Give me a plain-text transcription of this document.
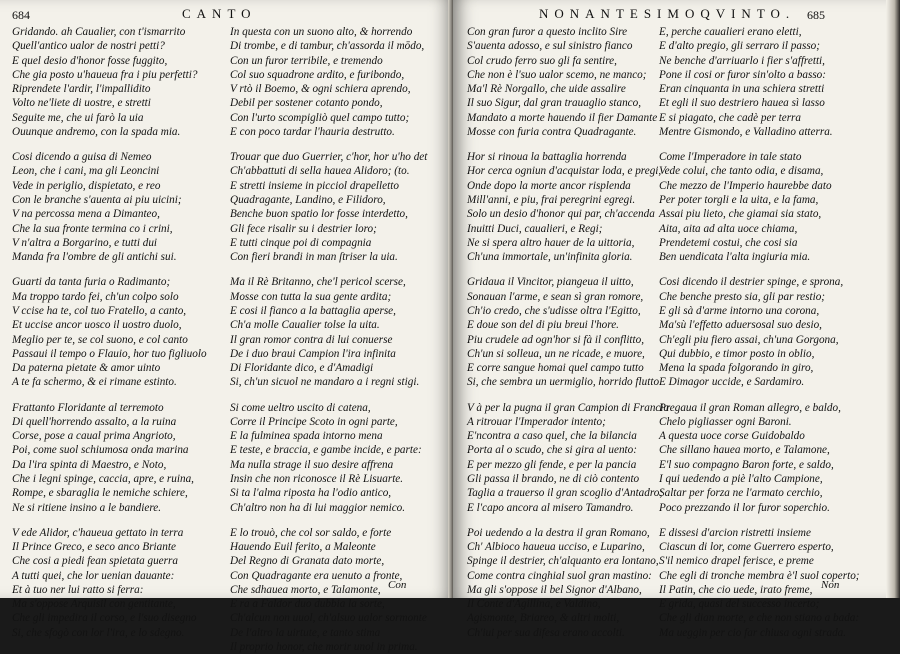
684	CANTO
Gridando. ah Caualier, con t'ismarrito
Quell'antico ualor de nostri petti?
E quel desio d'honor fosse fuggito,
Che gia posto u'haueua fra i piu perfetti?
Riprendete l'ardir, l'impallidito
Volto ne'liete di uostre, e stretti
Seguite me, che ui farò la uia
Ouunque andremo, con la spada mia.
Cosi dicendo a guisa di Nemeo
Leon, che i cani, ma gli Leoncini
Vede in periglio, dispietato, e reo
Con le branche s'auenta ai piu uicini;
V na percossa mena a Dimanteo,
Che la sua fronte termina co i crini,
V n'altra a Borgarino, e tutti dui
Manda fra l'ombre de gli antichi sui.
Guarti da tanta furia o Radimanto;
Ma troppo tardo fei, ch'un colpo solo
V ccise ha te, col tuo Fratello, a canto,
Et uccise ancor uosco il uostro duolo,
Meglio per te, se col suono, e col canto
Passaui il tempo o Flauio, hor tuo figliuolo
Da paterna pietate & amor uinto
A te fa schermo, & ei rimane estinto.
Frattanto Floridante al terremoto
Di quell'horrendo assalto, a la ruina
Corse, pose a caual prima Angrioto,
Poi, come suol schiumosa onda marina
Da l'ira spinta di Maestro, e Noto,
Che i legni spinge, caccia, apre, e ruina,
Rompe, e sbaraglia le nemiche schiere,
Ne si ritiene insino a le bandiere.
V ede Alidor, c'haueua gettato in terra
Il Prince Greco, e seco anco Briante
Che cosi a piedi fean spietata guerra
A tutti quei, che lor uenian dauante:
Et à tuo ner lui ratto si ferra:
Ma s'oppose Arquisil con gentitante,
Che gli impedira il corso, e l'suo disegno
Si, che sfogò con lor l'ira, e lo sdegno.
In questa con un suono alto, & horrendo
Di trombe, e di tambur, ch'assorda il mōdo,
Con un furor terribile, e tremendo
Col suo squadrone ardito, e furibondo,
V rtò il Boemo, & ogni schiera aprendo,
Debil per sostener cotanto pondo,
Con l'urto scompigliò quel campo tutto;
E con poco tardar l'hauria destrutto.
Trouar que duo Guerrier, c'hor, hor u'ho det
Ch'abbattuti di sella hauea Alidoro; (to.
E stretti insieme in picciol drapelletto
Quadragante, Landino, e Filidoro,
Benche buon spatio lor fosse interdetto,
Gli fece risalir su i destrier loro;
E tutti cinque poi di compagnia
Con fieri brandi in man ſtriser la uia.
Ma il Rè Britanno, che'l pericol scerse,
Mosse con tutta la sua gente ardita;
E cosi il fianco a la battaglia aperse,
Ch'a molle Caualier tolse la uita.
Il gran romor contra di lui conuerse
De i duo braui Campion l'ira infinita
Di Floridante dico, e d'Amadigi
Si, ch'un sicuol ne mandaro a i regni stigi.
Si come ueltro uscito di catena,
Corre il Principe Scoto in ogni parte,
E la fulminea spada intorno mena
E teste, e braccia, e gambe incide, e parte:
Ma nulla strage il suo desire affrena
Insin che non riconosce il Rè Lisuarte.
Si ta l'alma riposta ha l'odio antico,
Ch'altro non ha di lui maggior nemico.
E lo trouò, che col sor saldo, e forte
Hauendo Euil ferito, a Maleonte
Del Regno di Granata dato morte,
Con Quadragante era uenuto a fronte,
Che sdhauea morto, e Talamonte,
E ra a Faldor duo dubbia la sorte,
Ch'alcun non uuol, ch'alsuo ualor sormonte
De l'altro la uirtute, e tanto stima
Il proprio honor, che morir unol in prima.
Con
NONANTESIMOQVINTO. 685
Con gran furor a questo inclito Sire
S'auenta adosso, e sul sinistro fianco
Col crudo ferro suo gli fa sentire,
Che non è l'suo ualor scemo, ne manco;
Ma'l Rè Norgallo, che uide assalire
Il suo Sigur, dal gran trauaglio stanco,
Mandato a morte hauendo il fier Damante
Mosse con furia contra Quadragante.
Hor si rinoua la battaglia horrenda
Hor cerca ogniun d'acquistar loda, e pregi,
Onde dopo la morte ancor risplenda
Mill'anni, e piu, frai peregrini egregi.
Solo un desio d'honor qui par, ch'accenda
Inuitti Duci, caualieri, e Regi;
Ne si spera altro hauer de la uittoria,
Ch'una immortale, un'infinita gloria.
Gridaua il Vincitor, piangeua il uitto,
Sonauan l'arme, e sean sì gran romore,
Ch'io credo, che s'udisse oltra l'Egitto,
E doue son del di piu breui l'hore.
Piu crudele ad ogn'hor si fà il conflitto,
Ch'un si solleua, un ne ricade, e muore,
E corre sangue homai quel campo tutto
Si, che sembra un uermiglio, horrido flutto
V à per la pugna il gran Campion di Francia
A ritrouar l'Imperador intento;
E'ncontra a caso quel, che la bilancia
Porta al o scudo, che si gira al uento:
E per mezzo gli fende, e per la pancia
Gli passa il brando, ne di ciò contento
Taglia a trauerso il gran scoglio d'Antadro;
E l'capo ancora al misero Tamandro.
Poi uedendo a la destra il gran Romano,
Ch' Albioco haueua ucciso, e Luparino,
Spinge il destrier, ch'alquanto era lontano,
Come contra cinghial suol gran mastino:
Ma gli s'oppose il bel Signor d'Albano,
Il Conte d'Agillina, e Valdino,
Agismonte, Briareo, & altri molti,
Ch'iui per sua difesa erano accolti.
E, perche caualieri erano eletti,
E d'alto pregio, gli serraro il passo;
Ne benche d'arriuarlo i fier s'affretti,
Pone il cosi or furor sin'olto a basso:
Eran cinquanta in una schiera stretti
Et egli il suo destriero hauea sì lasso
E si piagato, che cadè per terra
Mentre Gismondo, e Valladino atterra.
Come l'Imperadore in tale stato
Vede colui, che tanto odia, e disama,
Che mezzo de l'Imperio haurebbe dato
Per poter torgli e la uita, e la fama,
Assai piu lieto, che giamai sia stato,
Aita, aita ad alta uoce chiama,
Prendetemi costui, che cosi sia
Ben uendicata l'alta ingiuria mia.
Cosi dicendo il destrier spinge, e sprona,
Che benche presto sia, gli par restio;
E gli sà d'arme intorno una corona,
Ma'sù l'effetto aduersosal suo desio,
Ch'egli piu fiero assai, ch'una Gorgona,
Qui dubbio, e timor posto in oblio,
Mena la spada folgorando in giro,
E Dimagor uccide, e Sardamiro.
Pregaua il gran Roman allegro, e baldo,
Chelo pigliasser ogni Baroni.
A questa uoce corse Guidobaldo
Che sillano hauea morto, e Talamone,
E'l suo compagno Baron forte, e saldo,
I qui uedendo a piè l'alto Campione,
Saltar per forza ne l'armato cerchio,
Poco prezzando il lor furor soperchio.
E dissesi d'arcion ristretti insieme
Ciascun di lor, come Guerrero esperto,
S'il nemico drapel ferisce, e preme
Che egli di tronche membra è'l suol coperto;
Il Patin, che cio uede, irato freme,
E grida, quasi del successo incerto;
Che gli dian morte, e che non stiano a bada:
Ma ueggin per cio far chiusa ogni strada.
Non
